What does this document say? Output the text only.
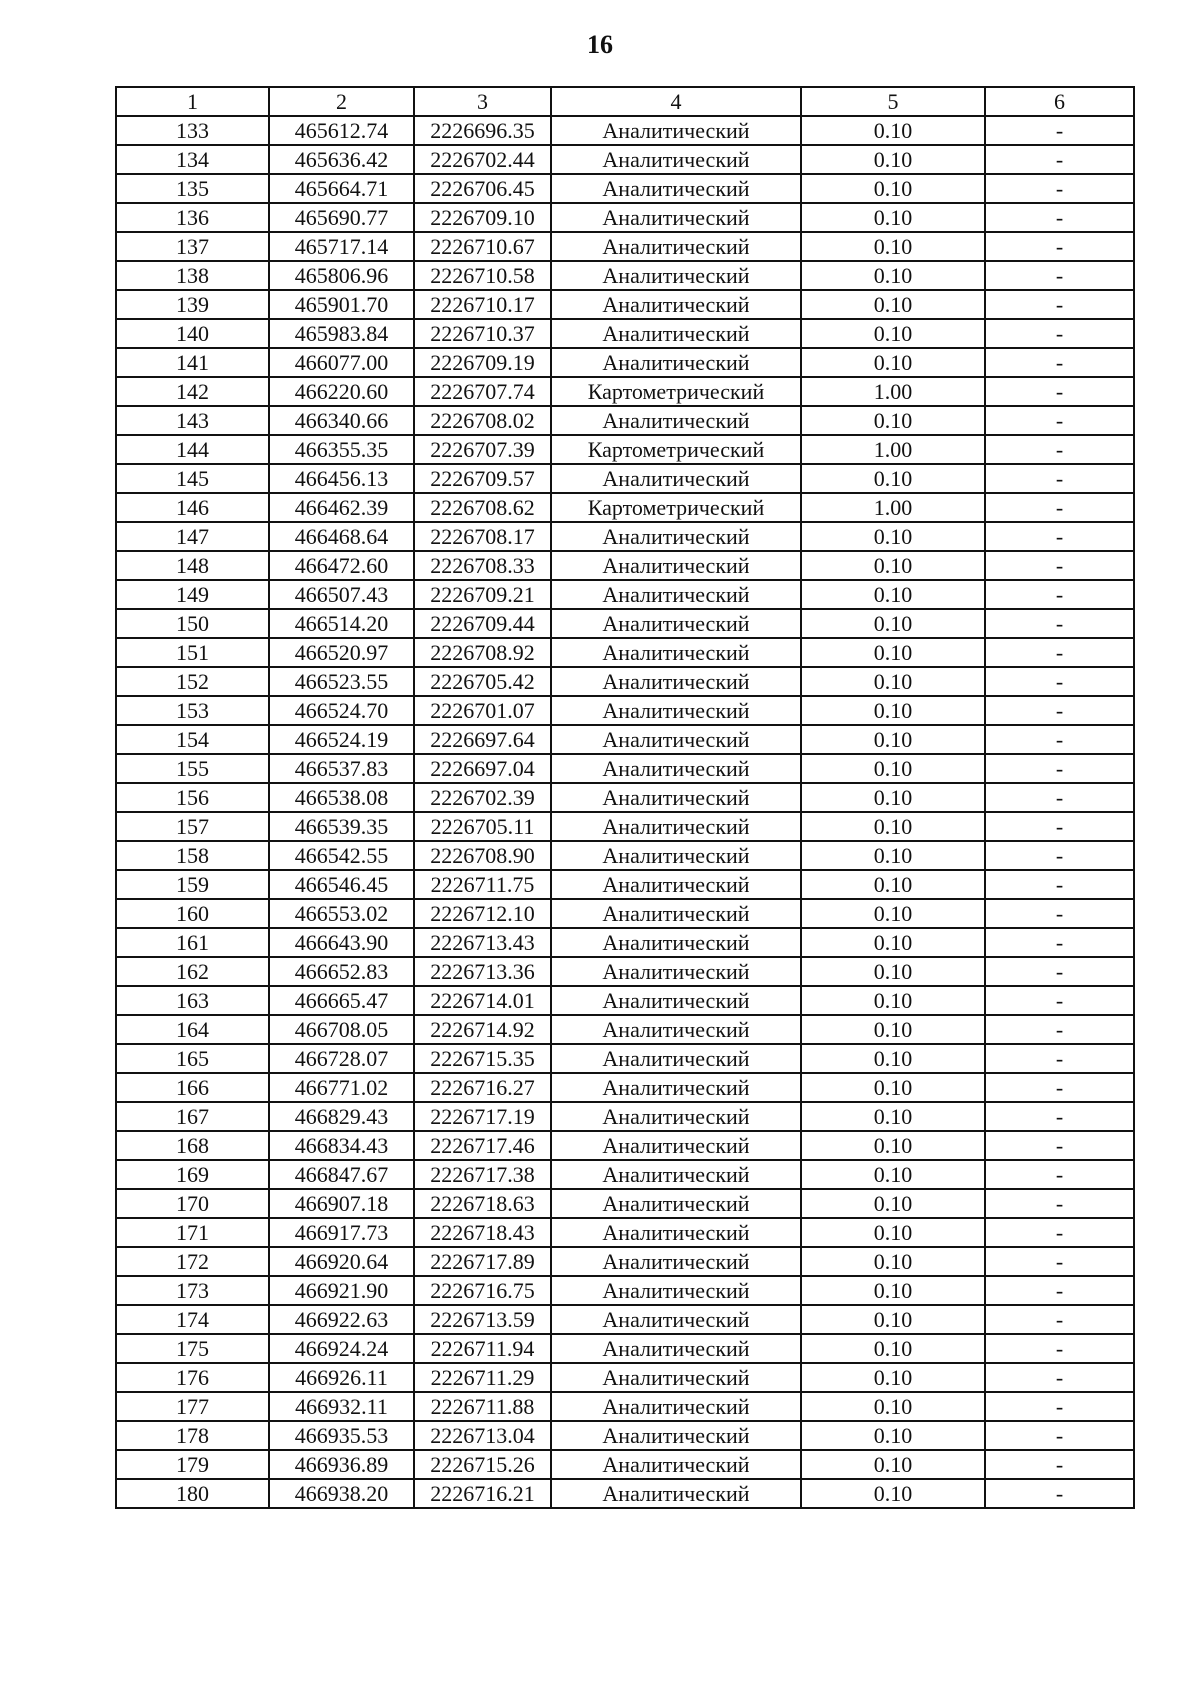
16
1	2	3	4	5	6
133	465612.74	2226696.35	Аналитический	0.10	-
134	465636.42	2226702.44	Аналитический	0.10	-
135	465664.71	2226706.45	Аналитический	0.10	-
136	465690.77	2226709.10	Аналитический	0.10	-
137	465717.14	2226710.67	Аналитический	0.10	-
138	465806.96	2226710.58	Аналитический	0.10	-
139	465901.70	2226710.17	Аналитический	0.10	-
140	465983.84	2226710.37	Аналитический	0.10	-
141	466077.00	2226709.19	Аналитический	0.10	-
142	466220.60	2226707.74	Картометрический	1.00	-
143	466340.66	2226708.02	Аналитический	0.10	-
144	466355.35	2226707.39	Картометрический	1.00	-
145	466456.13	2226709.57	Аналитический	0.10	-
146	466462.39	2226708.62	Картометрический	1.00	-
147	466468.64	2226708.17	Аналитический	0.10	-
148	466472.60	2226708.33	Аналитический	0.10	-
149	466507.43	2226709.21	Аналитический	0.10	-
150	466514.20	2226709.44	Аналитический	0.10	-
151	466520.97	2226708.92	Аналитический	0.10	-
152	466523.55	2226705.42	Аналитический	0.10	-
153	466524.70	2226701.07	Аналитический	0.10	-
154	466524.19	2226697.64	Аналитический	0.10	-
155	466537.83	2226697.04	Аналитический	0.10	-
156	466538.08	2226702.39	Аналитический	0.10	-
157	466539.35	2226705.11	Аналитический	0.10	-
158	466542.55	2226708.90	Аналитический	0.10	-
159	466546.45	2226711.75	Аналитический	0.10	-
160	466553.02	2226712.10	Аналитический	0.10	-
161	466643.90	2226713.43	Аналитический	0.10	-
162	466652.83	2226713.36	Аналитический	0.10	-
163	466665.47	2226714.01	Аналитический	0.10	-
164	466708.05	2226714.92	Аналитический	0.10	-
165	466728.07	2226715.35	Аналитический	0.10	-
166	466771.02	2226716.27	Аналитический	0.10	-
167	466829.43	2226717.19	Аналитический	0.10	-
168	466834.43	2226717.46	Аналитический	0.10	-
169	466847.67	2226717.38	Аналитический	0.10	-
170	466907.18	2226718.63	Аналитический	0.10	-
171	466917.73	2226718.43	Аналитический	0.10	-
172	466920.64	2226717.89	Аналитический	0.10	-
173	466921.90	2226716.75	Аналитический	0.10	-
174	466922.63	2226713.59	Аналитический	0.10	-
175	466924.24	2226711.94	Аналитический	0.10	-
176	466926.11	2226711.29	Аналитический	0.10	-
177	466932.11	2226711.88	Аналитический	0.10	-
178	466935.53	2226713.04	Аналитический	0.10	-
179	466936.89	2226715.26	Аналитический	0.10	-
180	466938.20	2226716.21	Аналитический	0.10	-
